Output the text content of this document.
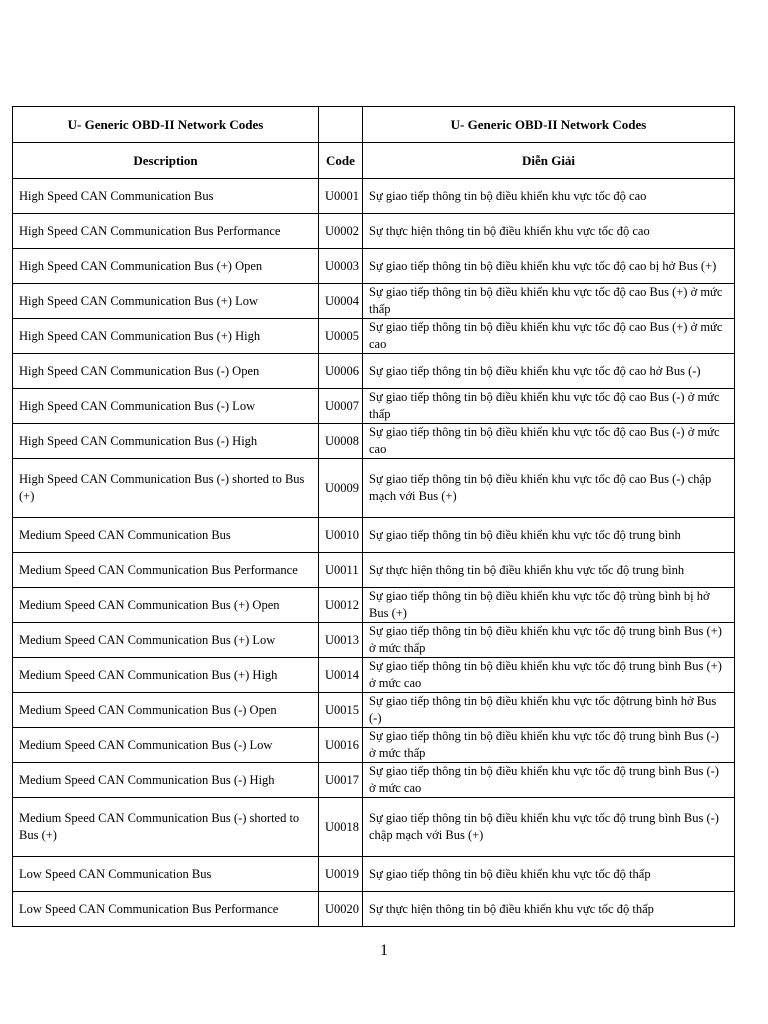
U- Generic OBD-II Network Codes		U- Generic OBD-II Network Codes
Description	Code	Diễn Giải
High Speed CAN Communication Bus	U0001	Sự giao tiếp thông tin bộ điều khiển khu vực tốc độ cao
High Speed CAN Communication Bus Performance	U0002	Sự thực hiện thông tin bộ điều khiển khu vực tốc độ cao
High Speed CAN Communication Bus (+) Open	U0003	Sự giao tiếp thông tin bộ điều khiển khu vực tốc độ cao bị hở Bus (+)
High Speed CAN Communication Bus (+) Low	U0004	Sự giao tiếp thông tin bộ điều khiển khu vực tốc độ cao Bus (+) ở mức thấp
High Speed CAN Communication Bus (+) High	U0005	Sự giao tiếp thông tin bộ điều khiển khu vực tốc độ cao Bus (+) ở mức cao
High Speed CAN Communication Bus (-) Open	U0006	Sự giao tiếp thông tin bộ điều khiển khu vực tốc độ cao hở Bus (-)
High Speed CAN Communication Bus (-) Low	U0007	Sự giao tiếp thông tin bộ điều khiển khu vực tốc độ cao Bus (-) ở mức thấp
High Speed CAN Communication Bus (-) High	U0008	Sự giao tiếp thông tin bộ điều khiển khu vực tốc độ cao Bus (-) ở mức cao
High Speed CAN Communication Bus (-) shorted to Bus (+)	U0009	Sự giao tiếp thông tin bộ điều khiển khu vực tốc độ cao Bus (-) chập mạch với Bus (+)
Medium Speed CAN Communication Bus	U0010	Sự giao tiếp thông tin bộ điều khiển khu vực tốc độ trung bình
Medium Speed CAN Communication Bus Performance	U0011	Sự thực hiện thông tin bộ điều khiển khu vực tốc độ trung bình
Medium Speed CAN Communication Bus (+) Open	U0012	Sự giao tiếp thông tin bộ điều khiển khu vực tốc độ trùng bình bị hở Bus (+)
Medium Speed CAN Communication Bus (+) Low	U0013	Sự giao tiếp thông tin bộ điều khiển khu vực tốc độ trung bình Bus (+) ở mức thấp
Medium Speed CAN Communication Bus (+) High	U0014	Sự giao tiếp thông tin bộ điều khiển khu vực tốc độ trung bình Bus (+) ở mức cao
Medium Speed CAN Communication Bus (-) Open	U0015	Sự giao tiếp thông tin bộ điều khiển khu vực tốc độtrung bình hở Bus (-)
Medium Speed CAN Communication Bus (-) Low	U0016	Sự giao tiếp thông tin bộ điều khiển khu vực tốc độ trung bình Bus (-) ở mức thấp
Medium Speed CAN Communication Bus (-) High	U0017	Sự giao tiếp thông tin bộ điều khiển khu vực tốc độ trung bình Bus (-) ở mức cao
Medium Speed CAN Communication Bus (-) shorted to Bus (+)	U0018	Sự giao tiếp thông tin bộ điều khiển khu vực tốc độ trung bình Bus (-) chập mạch với Bus (+)
Low Speed CAN Communication Bus	U0019	Sự giao tiếp thông tin bộ điều khiển khu vực tốc độ thấp
Low Speed CAN Communication Bus Performance	U0020	Sự thực hiện thông tin bộ điều khiển khu vực tốc độ thấp
1
